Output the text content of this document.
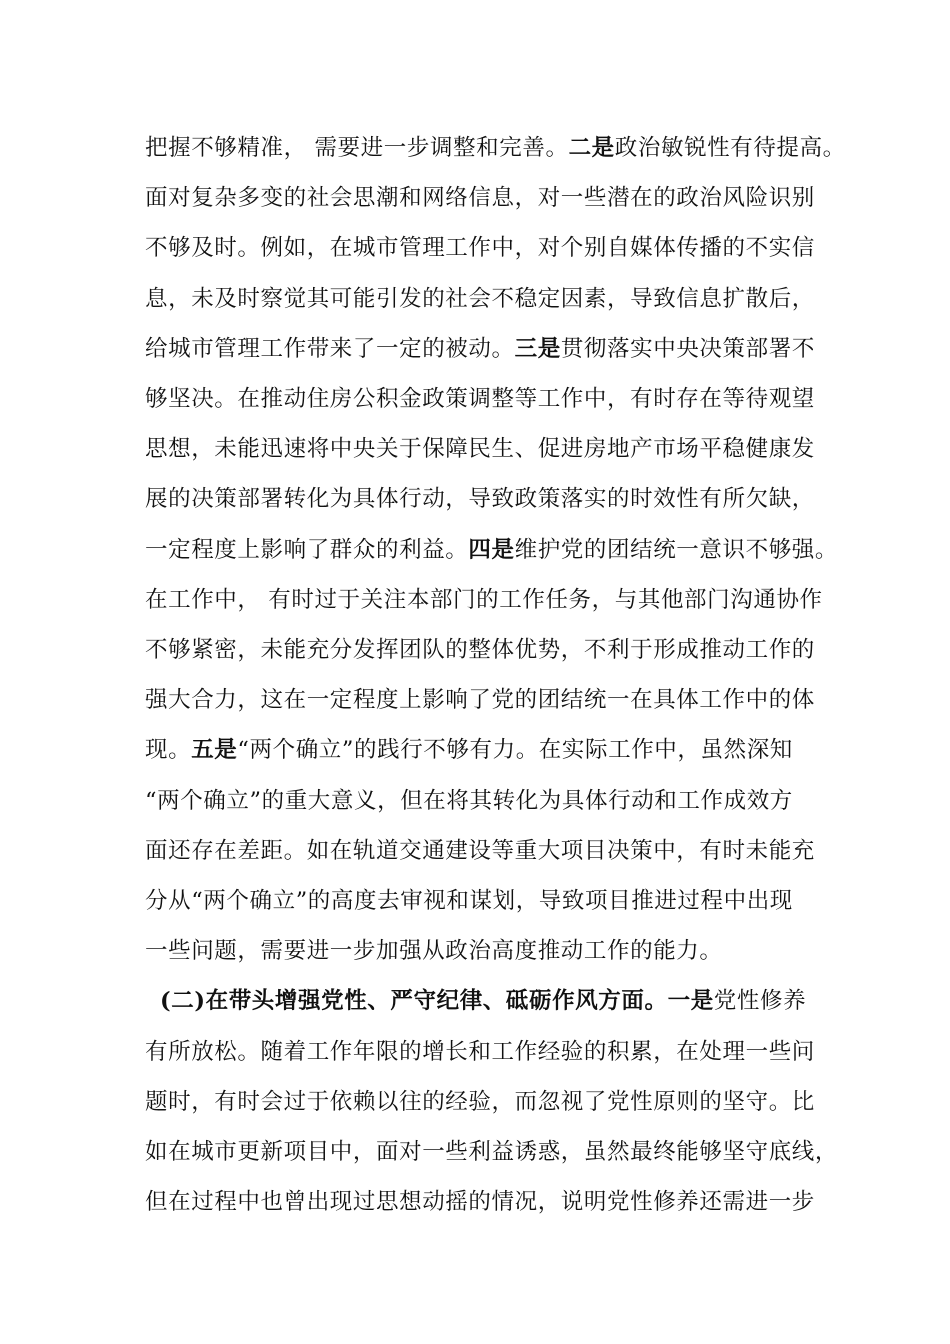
把握不够精准， 需要进一步调整和完善。二是政治敏锐性有待提高。
面对复杂多变的社会思潮和网络信息，对一些潜在的政治风险识别
不够及时。例如，在城市管理工作中，对个别自媒体传播的不实信
息，未及时察觉其可能引发的社会不稳定因素，导致信息扩散后，
给城市管理工作带来了一定的被动。三是贯彻落实中央决策部署不
够坚决。在推动住房公积金政策调整等工作中，有时存在等待观望
思想，未能迅速将中央关于保障民生、促进房地产市场平稳健康发
展的决策部署转化为具体行动，导致政策落实的时效性有所欠缺，
一定程度上影响了群众的利益。四是维护党的团结统一意识不够强。
在工作中， 有时过于关注本部门的工作任务，与其他部门沟通协作
不够紧密，未能充分发挥团队的整体优势，不利于形成推动工作的
强大合力，这在一定程度上影响了党的团结统一在具体工作中的体
现。五是“两个确立”的践行不够有力。在实际工作中，虽然深知
“两个确立”的重大意义，但在将其转化为具体行动和工作成效方
面还存在差距。如在轨道交通建设等重大项目决策中，有时未能充
分从“两个确立”的高度去审视和谋划，导致项目推进过程中出现
一些问题，需要进一步加强从政治高度推动工作的能力。
(二)在带头增强党性、严守纪律、砥砺作风方面。一是党性修养
有所放松。随着工作年限的增长和工作经验的积累，在处理一些问
题时，有时会过于依赖以往的经验，而忽视了党性原则的坚守。比
如在城市更新项目中，面对一些利益诱惑，虽然最终能够坚守底线，
但在过程中也曾出现过思想动摇的情况，说明党性修养还需进一步
